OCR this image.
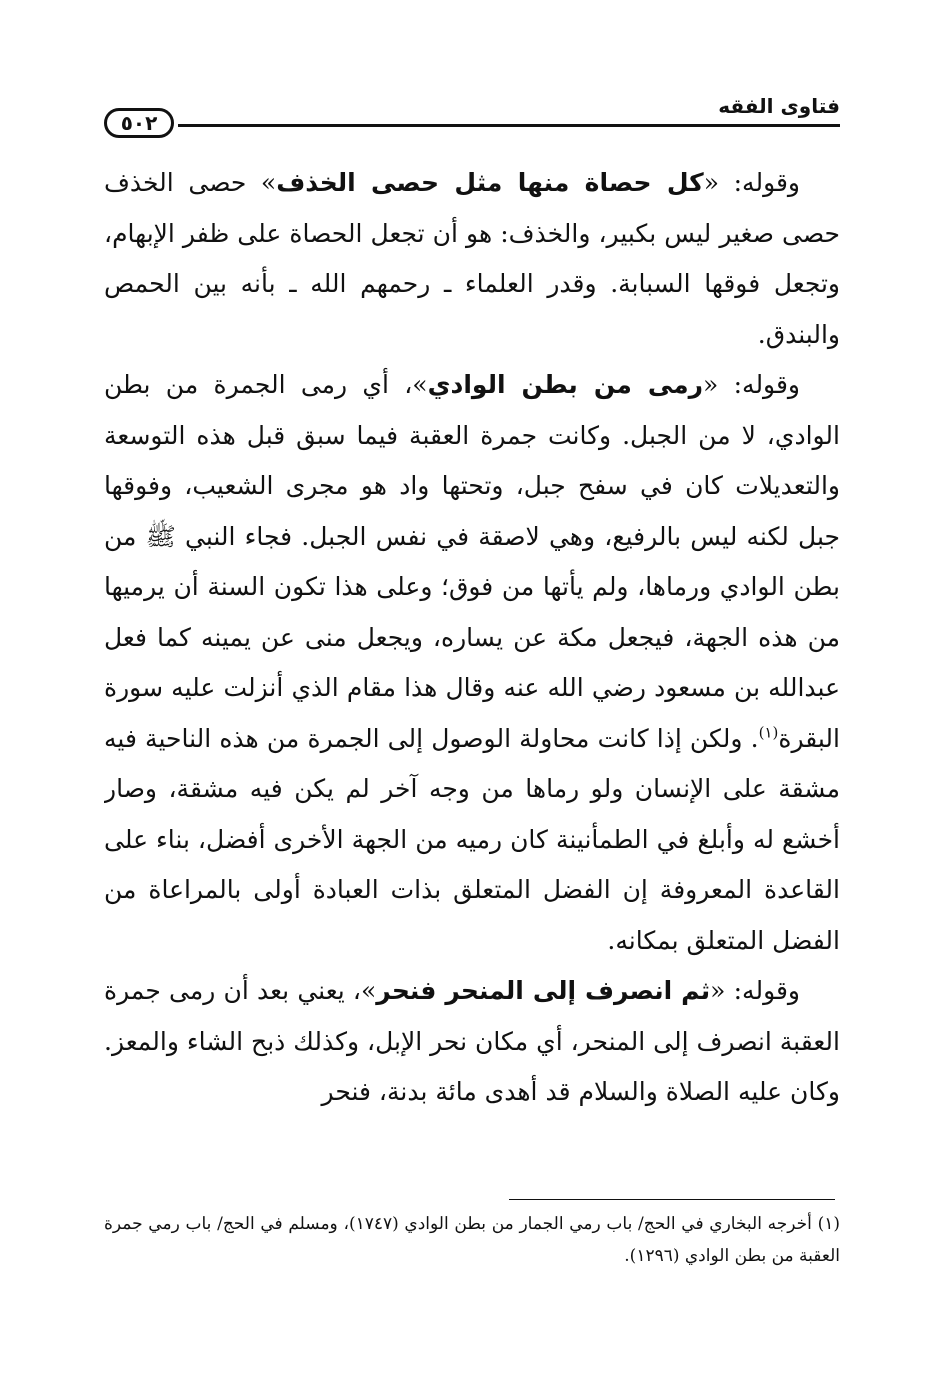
٥٠٢
فتاوى الفقه

وقوله: «كل حصاة منها مثل حصى الخذف» حصى الخذف حصى صغير ليس بكبير، والخذف: هو أن تجعل الحصاة على ظفر الإبهام، وتجعل فوقها السبابة. وقدر العلماء ـ رحمهم الله ـ بأنه بين الحمص والبندق.

وقوله: «رمى من بطن الوادي»، أي رمى الجمرة من بطن الوادي، لا من الجبل. وكانت جمرة العقبة فيما سبق قبل هذه التوسعة والتعديلات كان في سفح جبل، وتحتها واد هو مجرى الشعيب، وفوقها جبل لكنه ليس بالرفيع، وهي لاصقة في نفس الجبل. فجاء النبي ﷺ من بطن الوادي ورماها، ولم يأتها من فوق؛ وعلى هذا تكون السنة أن يرميها من هذه الجهة، فيجعل مكة عن يساره، ويجعل منى عن يمينه كما فعل عبدالله بن مسعود رضي الله عنه وقال هذا مقام الذي أنزلت عليه سورة البقرة$^{(١)}$. ولكن إذا كانت محاولة الوصول إلى الجمرة من هذه الناحية فيه مشقة على الإنسان ولو رماها من وجه آخر لم يكن فيه مشقة، وصار أخشع له وأبلغ في الطمأنينة كان رميه من الجهة الأخرى أفضل، بناء على القاعدة المعروفة إن الفضل المتعلق بذات العبادة أولى بالمراعاة من الفضل المتعلق بمكانه.

وقوله: «ثم انصرف إلى المنحر فنحر»، يعني بعد أن رمى جمرة العقبة انصرف إلى المنحر، أي مكان نحر الإبل، وكذلك ذبح الشاء والمعز. وكان عليه الصلاة والسلام قد أهدى مائة بدنة، فنحر

(١) أخرجه البخاري في الحج/ باب رمي الجمار من بطن الوادي (١٧٤٧)، ومسلم في الحج/ باب رمي جمرة العقبة من بطن الوادي (١٢٩٦).
